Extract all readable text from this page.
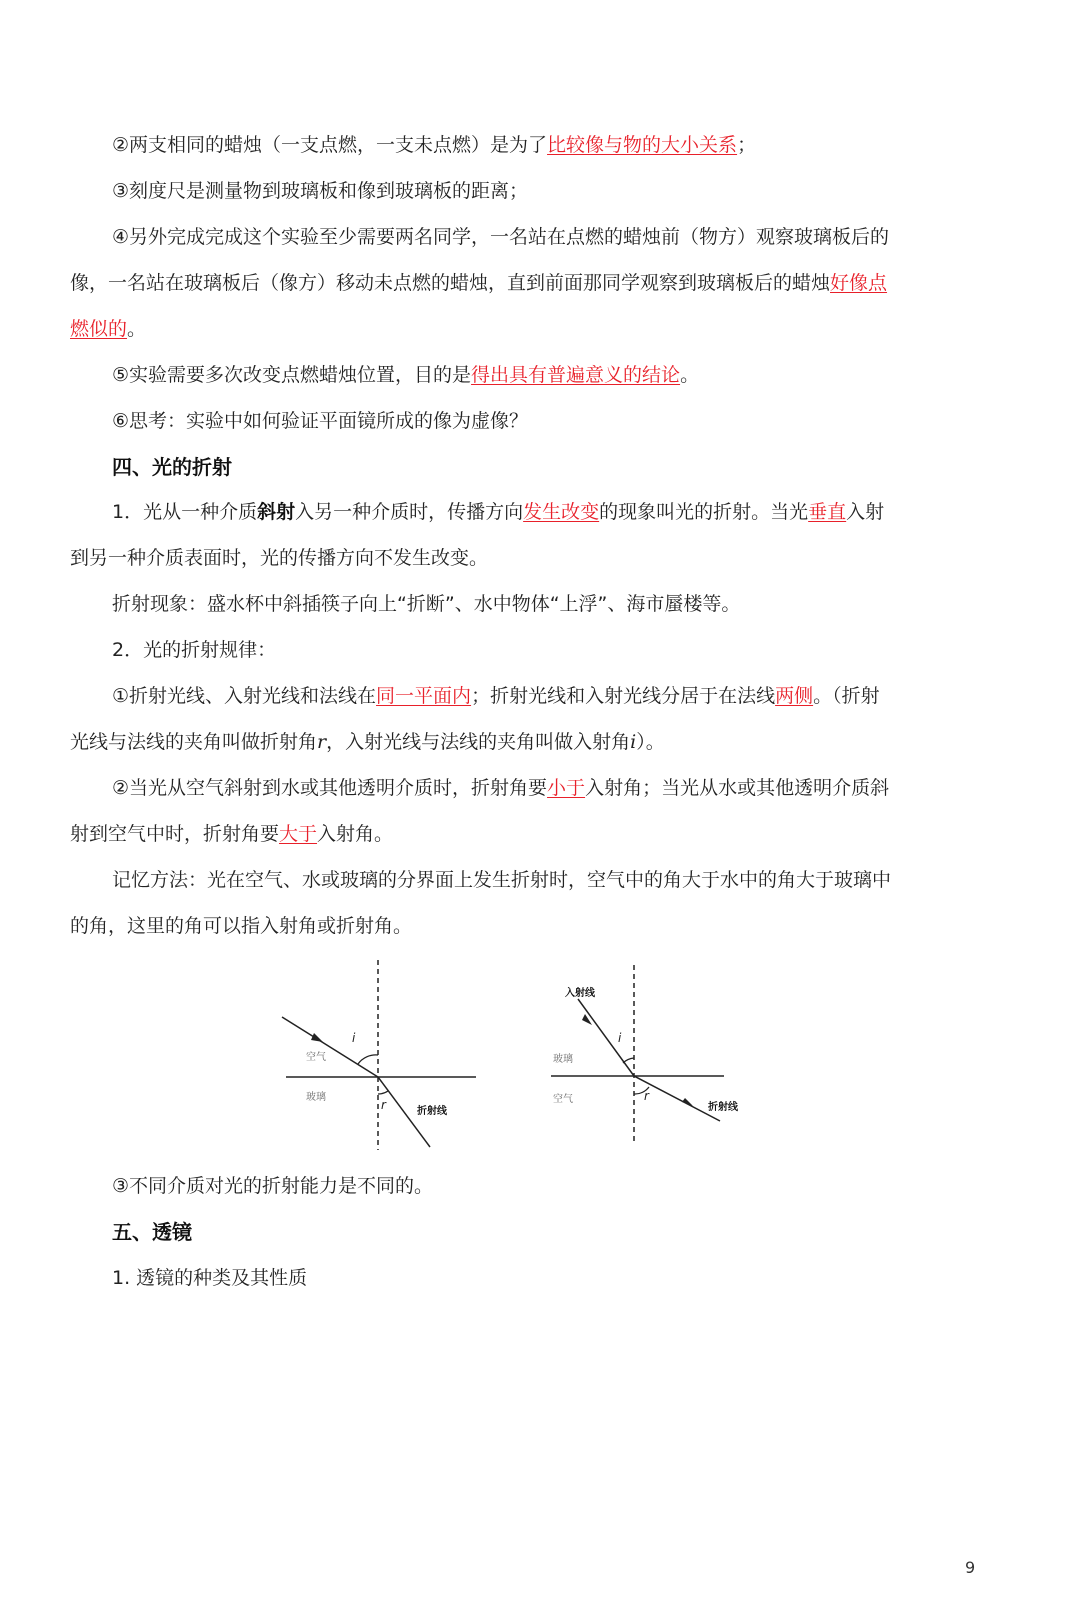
②两支相同的蜡烛（一支点燃，一支未点燃）是为了比较像与物的大小关系；
③刻度尺是测量物到玻璃板和像到玻璃板的距离；
④另外完成完成这个实验至少需要两名同学，一名站在点燃的蜡烛前（物方）观察玻璃板后的
像，一名站在玻璃板后（像方）移动未点燃的蜡烛，直到前面那同学观察到玻璃板后的蜡烛好像点
燃似的。
⑤实验需要多次改变点燃蜡烛位置，目的是得出具有普遍意义的结论。
⑥思考：实验中如何验证平面镜所成的像为虚像？
四、光的折射
1．光从一种介质斜射入另一种介质时，传播方向发生改变的现象叫光的折射。当光垂直入射
到另一种介质表面时，光的传播方向不发生改变。
折射现象：盛水杯中斜插筷子向上“折断”、水中物体“上浮”、海市蜃楼等。
2．光的折射规律：
①折射光线、入射光线和法线在同一平面内；折射光线和入射光线分居于在法线两侧。（折射
光线与法线的夹角叫做折射角r，入射光线与法线的夹角叫做入射角i）。
②当光从空气斜射到水或其他透明介质时，折射角要小于入射角；当光从水或其他透明介质斜
射到空气中时，折射角要大于入射角。
记忆方法：光在空气、水或玻璃的分界面上发生折射时，空气中的角大于水中的角大于玻璃中
的角，这里的角可以指入射角或折射角。
i
r
空气
玻璃
折射线
入射线
i
r
玻璃
空气
折射线
③不同介质对光的折射能力是不同的。
五、透镜
1. 透镜的种类及其性质
9
